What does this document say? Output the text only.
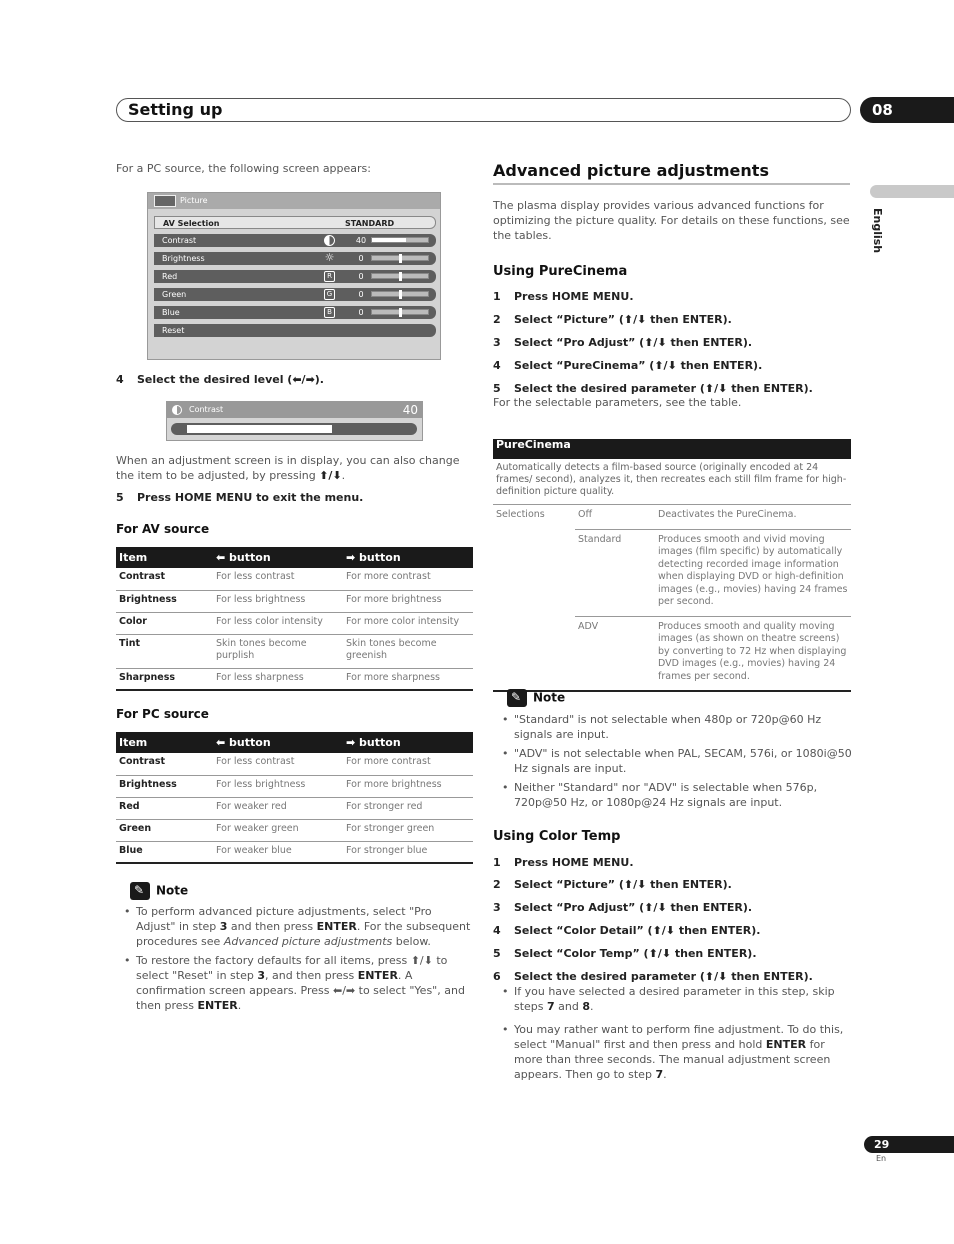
Setting up	08
English
For a PC source, the following screen appears:
Picture
AV Selection	STANDARD
Contrast	40
Brightness	☼	0
Red	R	0
Green	G	0
Blue	B	0
Reset
4 Select the desired level (⬅/➡).
Contrast	40
When an adjustment screen is in display, you can also change the item to be adjusted, by pressing ⬆/⬇.
5 Press HOME MENU to exit the menu.
For AV source
Item	⬅ button	➡ button
Contrast	For less contrast	For more contrast
Brightness	For less brightness	For more brightness
Color	For less color intensity	For more color intensity
Tint	Skin tones become purplish	Skin tones become greenish
Sharpness	For less sharpness	For more sharpness
For PC source
Item	⬅ button	➡ button
Contrast	For less contrast	For more contrast
Brightness	For less brightness	For more brightness
Red	For weaker red	For stronger red
Green	For weaker green	For stronger green
Blue	For weaker blue	For stronger blue
✎Note
• To perform advanced picture adjustments, select "Pro Adjust" in step 3 and then press ENTER. For the subsequent procedures see Advanced picture adjustments below.
• To restore the factory defaults for all items, press ⬆/⬇ to select "Reset" in step 3, and then press ENTER. A confirmation screen appears. Press ⬅/➡ to select "Yes", and then press ENTER.
Advanced picture adjustments
The plasma display provides various advanced functions for optimizing the picture quality. For details on these functions, see the tables.
Using PureCinema
1 Press HOME MENU.
2 Select “Picture” (⬆/⬇ then ENTER).
3 Select “Pro Adjust” (⬆/⬇ then ENTER).
4 Select “PureCinema” (⬆/⬇ then ENTER).
5 Select the desired parameter (⬆/⬇ then ENTER).
For the selectable parameters, see the table.
PureCinema		
Automatically detects a film-based source (originally encoded at 24 frames/ second), analyzes it, then recreates each still film frame for high-definition picture quality.		
Selections	Off	Deactivates the PureCinema.
	Standard	Produces smooth and vivid moving images (film specific) by automatically detecting recorded image information when displaying DVD or high-definition images (e.g., movies) having 24 frames per second.
	ADV	Produces smooth and quality moving images (as shown on theatre screens) by converting to 72 Hz when displaying DVD images (e.g., movies) having 24 frames per second.
✎Note
• "Standard" is not selectable when 480p or 720p@60 Hz signals are input.
• "ADV" is not selectable when PAL, SECAM, 576i, or 1080i@50 Hz signals are input.
• Neither "Standard" nor "ADV" is selectable when 576p, 720p@50 Hz, or 1080p@24 Hz signals are input.
Using Color Temp
1 Press HOME MENU.
2 Select “Picture” (⬆/⬇ then ENTER).
3 Select “Pro Adjust” (⬆/⬇ then ENTER).
4 Select “Color Detail” (⬆/⬇ then ENTER).
5 Select “Color Temp” (⬆/⬇ then ENTER).
6 Select the desired parameter (⬆/⬇ then ENTER).
• If you have selected a desired parameter in this step, skip steps 7 and 8.
• You may rather want to perform fine adjustment. To do this, select "Manual" first and then press and hold ENTER for more than three seconds. The manual adjustment screen appears. Then go to step 7.
29
En
